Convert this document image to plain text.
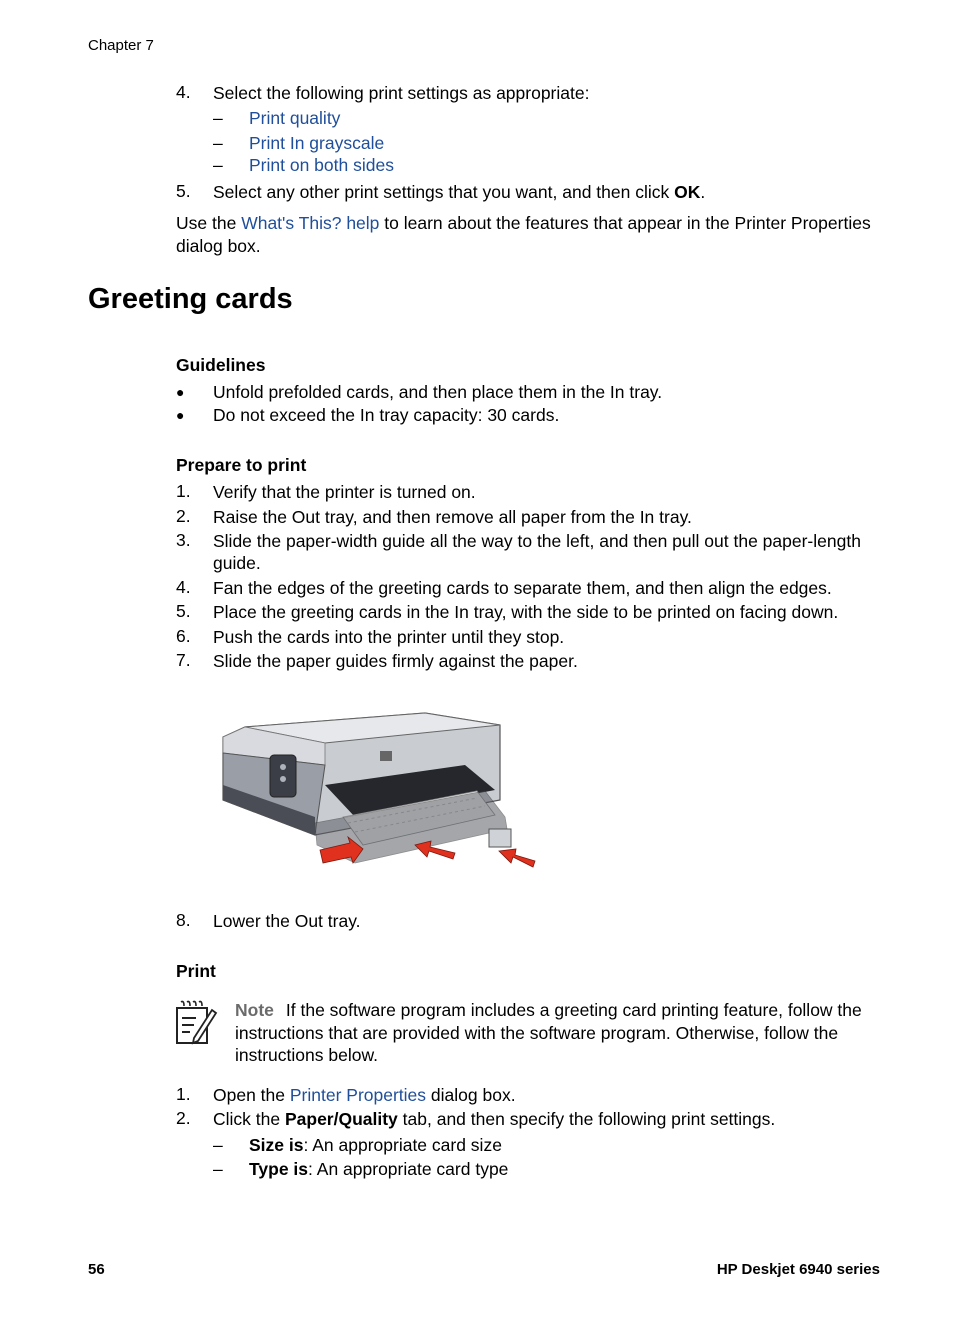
Chapter 7
4.	Select the following print settings as appropriate:
– Print quality
– Print In grayscale
– Print on both sides
5.	Select any other print settings that you want, and then click OK.
Use the What's This? help to learn about the features that appear in the Printer Properties dialog box.
Greeting cards
Guidelines
● Unfold prefolded cards, and then place them in the In tray.
● Do not exceed the In tray capacity: 30 cards.
Prepare to print
1.	Verify that the printer is turned on.
2.	Raise the Out tray, and then remove all paper from the In tray.
3.	Slide the paper-width guide all the way to the left, and then pull out the paper-length guide.
4.	Fan the edges of the greeting cards to separate them, and then align the edges.
5.	Place the greeting cards in the In tray, with the side to be printed on facing down.
6.	Push the cards into the printer until they stop.
7.	Slide the paper guides firmly against the paper.
8.	Lower the Out tray.
Print
Note If the software program includes a greeting card printing feature, follow the instructions that are provided with the software program. Otherwise, follow the instructions below.
1.	Open the Printer Properties dialog box.
2.	Click the Paper/Quality tab, and then specify the following print settings.
– Size is: An appropriate card size
– Type is: An appropriate card type
56	HP Deskjet 6940 series
